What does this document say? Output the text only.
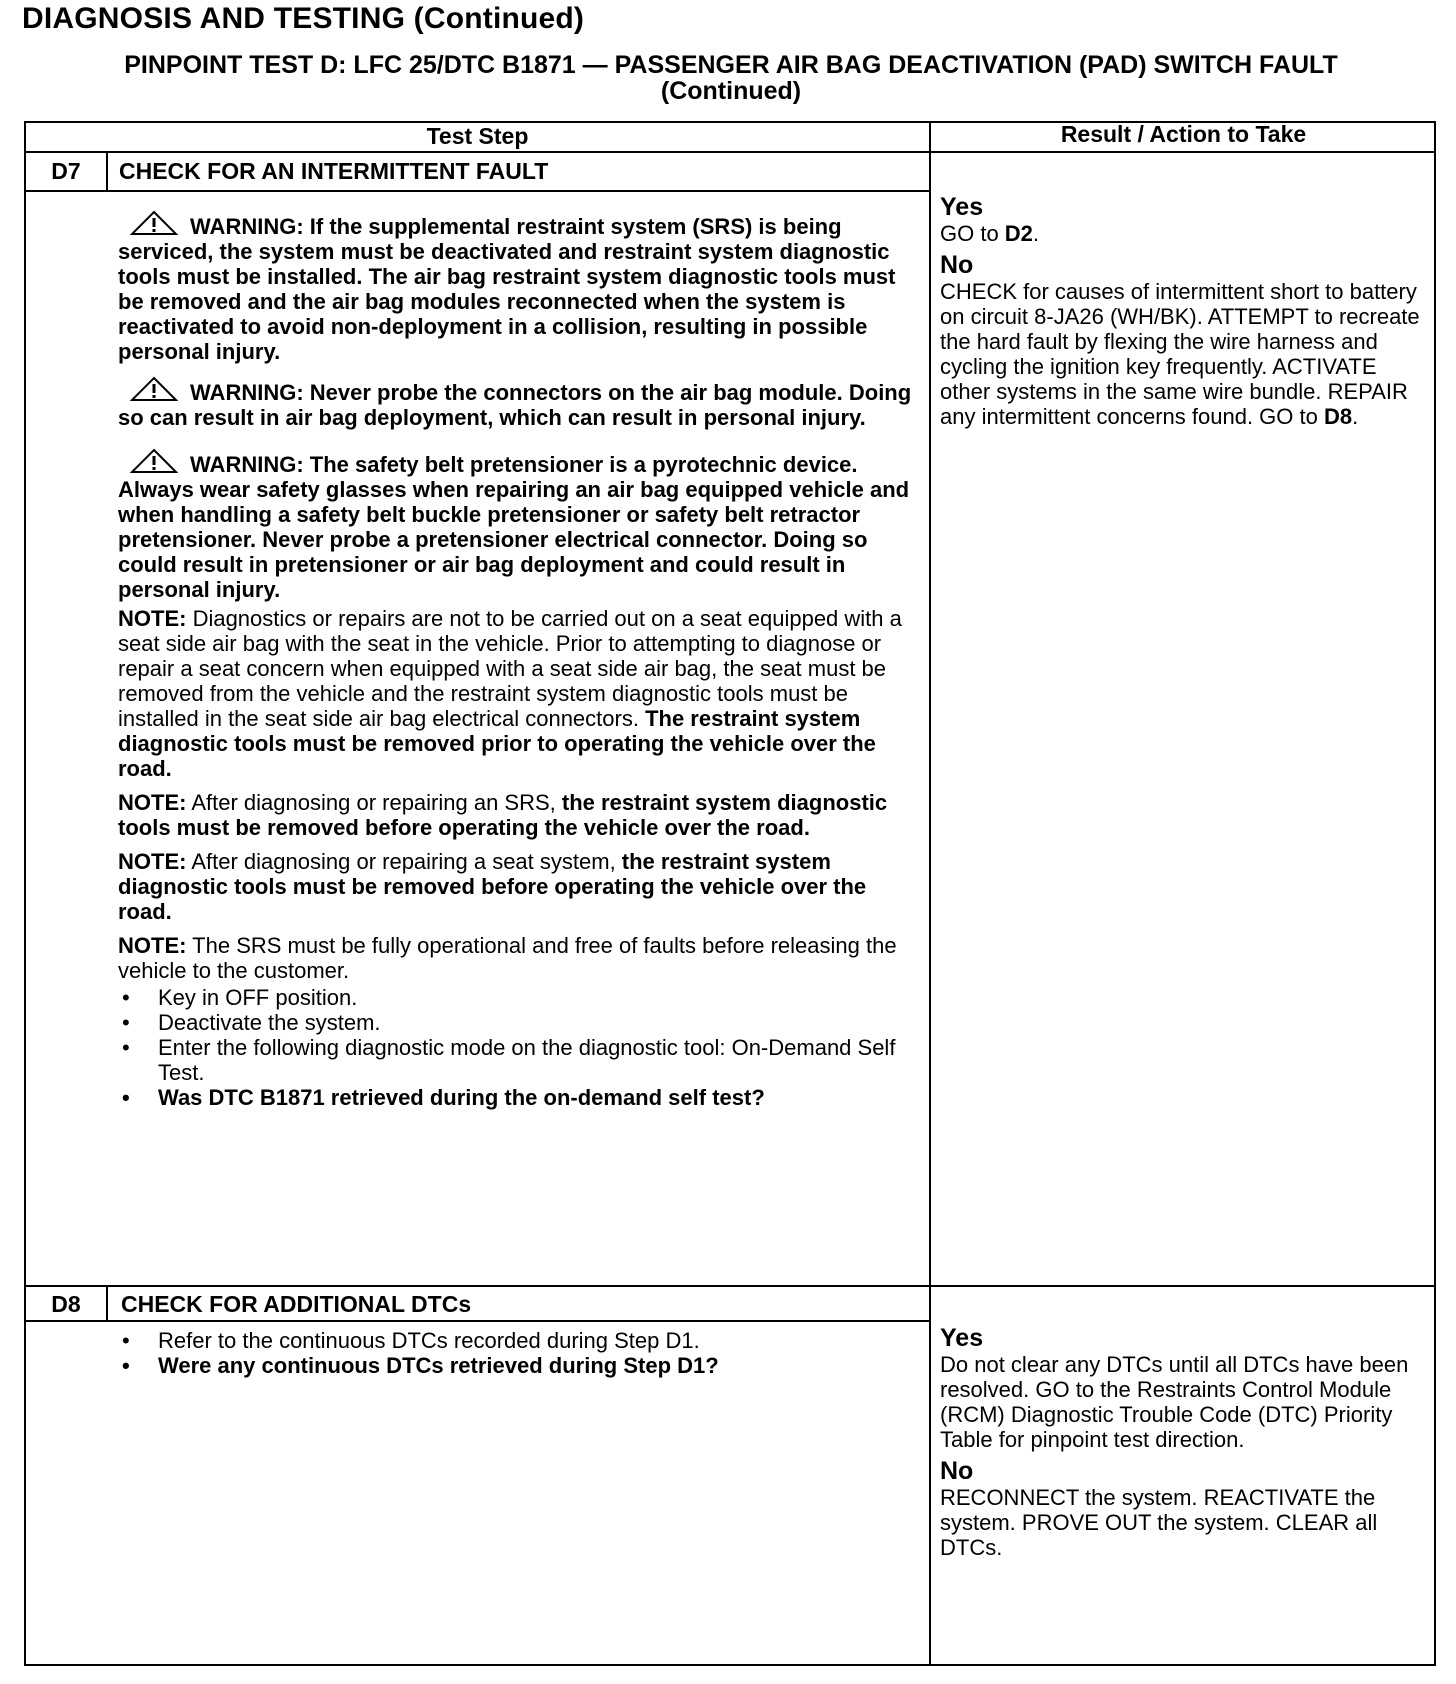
DIAGNOSIS AND TESTING (Continued)
PINPOINT TEST D: LFC 25/DTC B1871 — PASSENGER AIR BAG DEACTIVATION (PAD) SWITCH FAULT
(Continued)
Test Step	Result / Action to Take
D7	CHECK FOR AN INTERMITTENT FAULT

WARNING: If the supplemental restraint system (SRS) is being serviced, the system must be deactivated and restraint system diagnostic tools must be installed. The air bag restraint system diagnostic tools must be removed and the air bag modules reconnected when the system is reactivated to avoid non-deployment in a collision, resulting in possible personal injury.

WARNING: Never probe the connectors on the air bag module. Doing so can result in air bag deployment, which can result in personal injury.

WARNING: The safety belt pretensioner is a pyrotechnic device. Always wear safety glasses when repairing an air bag equipped vehicle and when handling a safety belt buckle pretensioner or safety belt retractor pretensioner. Never probe a pretensioner electrical connector. Doing so could result in pretensioner or air bag deployment and could result in personal injury.

NOTE: Diagnostics or repairs are not to be carried out on a seat equipped with a seat side air bag with the seat in the vehicle. Prior to attempting to diagnose or repair a seat concern when equipped with a seat side air bag, the seat must be removed from the vehicle and the restraint system diagnostic tools must be installed in the seat side air bag electrical connectors. The restraint system diagnostic tools must be removed prior to operating the vehicle over the road.

NOTE: After diagnosing or repairing an SRS, the restraint system diagnostic tools must be removed before operating the vehicle over the road.

NOTE: After diagnosing or repairing a seat system, the restraint system diagnostic tools must be removed before operating the vehicle over the road.

NOTE: The SRS must be fully operational and free of faults before releasing the vehicle to the customer.

• Key in OFF position.
• Deactivate the system.
• Enter the following diagnostic mode on the diagnostic tool: On-Demand Self Test.
• Was DTC B1871 retrieved during the on-demand self test?
Yes

GO to D2.

No

CHECK for causes of intermittent short to battery on circuit 8-JA26 (WH/BK). ATTEMPT to recreate the hard fault by flexing the wire harness and cycling the ignition key frequently. ACTIVATE other systems in the same wire bundle. REPAIR any intermittent concerns found. GO to D8.

D8	CHECK FOR ADDITIONAL DTCs
• Refer to the continuous DTCs recorded during Step D1.
• Were any continuous DTCs retrieved during Step D1?
Yes

Do not clear any DTCs until all DTCs have been resolved. GO to the Restraints Control Module (RCM) Diagnostic Trouble Code (DTC) Priority Table for pinpoint test direction.

No

RECONNECT the system. REACTIVATE the system. PROVE OUT the system. CLEAR all DTCs.
